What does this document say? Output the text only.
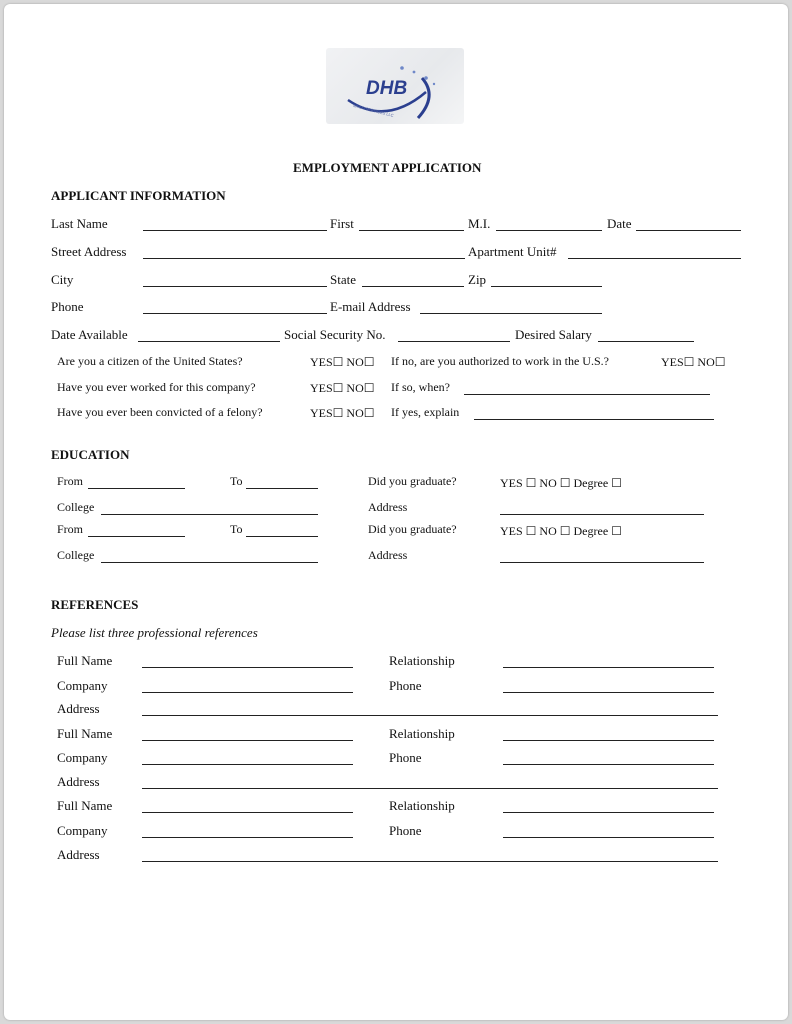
DHB
MULTI SERVICES LLC
EMPLOYMENT APPLICATION
APPLICANT INFORMATION
Last Name	First	M.I.	Date
Street Address	Apartment Unit#
City	State	Zip
Phone	E-mail Address
Date Available	Social Security No.	Desired Salary
Are you a citizen of the United States?	YES☐ NO☐ If no, are you authorized to work in the U.S.?	YES☐ NO☐
Have you ever worked for this company?	YES☐ NO☐ If so, when?
Have you ever been convicted of a felony?	YES☐ NO☐ If yes, explain
EDUCATION
From	To	Did you graduate?	YES ☐ NO ☐ Degree ☐
College	Address
From	To	Did you graduate?	YES ☐ NO ☐ Degree ☐
College	Address
REFERENCES
Please list three professional references
Full Name	Relationship
Company	Phone
Address
Full Name	Relationship
Company	Phone
Address
Full Name	Relationship
Company	Phone
Address
